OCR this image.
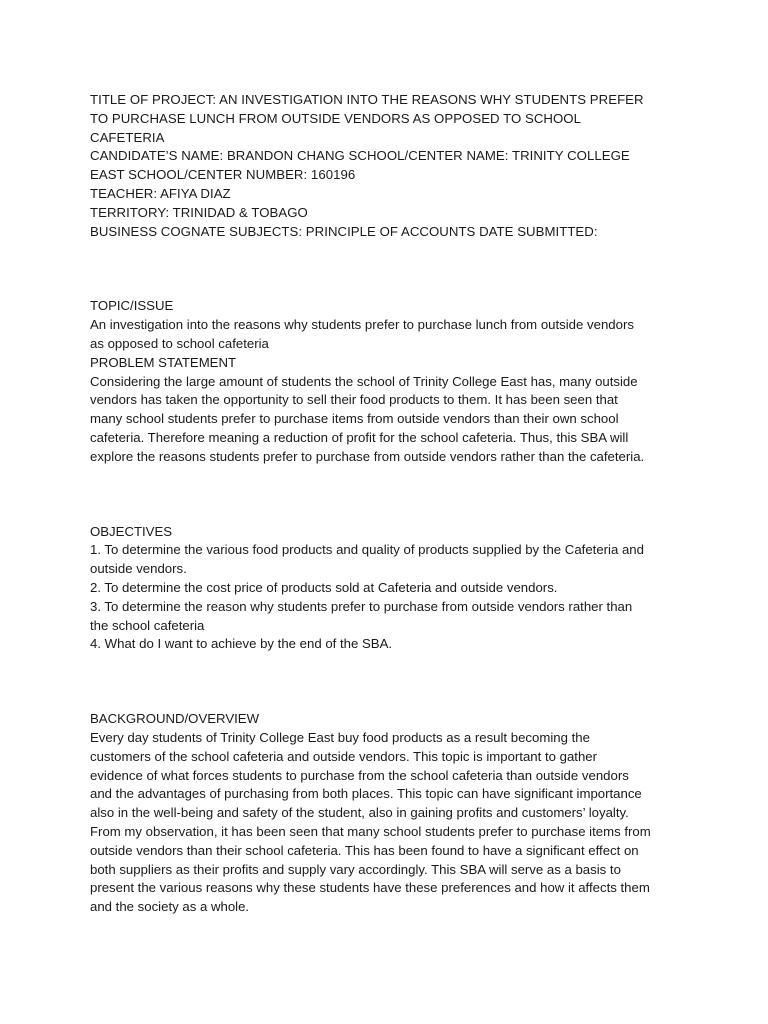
TITLE OF PROJECT: AN INVESTIGATION INTO THE REASONS WHY STUDENTS PREFER
TO PURCHASE LUNCH FROM OUTSIDE VENDORS AS OPPOSED TO SCHOOL
CAFETERIA
CANDIDATE’S NAME: BRANDON CHANG SCHOOL/CENTER NAME: TRINITY COLLEGE
EAST SCHOOL/CENTER NUMBER: 160196
TEACHER: AFIYA DIAZ
TERRITORY: TRINIDAD & TOBAGO
BUSINESS COGNATE SUBJECTS: PRINCIPLE OF ACCOUNTS DATE SUBMITTED:
TOPIC/ISSUE
An investigation into the reasons why students prefer to purchase lunch from outside vendors
as opposed to school cafeteria
PROBLEM STATEMENT
Considering the large amount of students the school of Trinity College East has, many outside
vendors has taken the opportunity to sell their food products to them. It has been seen that
many school students prefer to purchase items from outside vendors than their own school
cafeteria. Therefore meaning a reduction of profit for the school cafeteria. Thus, this SBA will
explore the reasons students prefer to purchase from outside vendors rather than the cafeteria.
OBJECTIVES
1. To determine the various food products and quality of products supplied by the Cafeteria and
outside vendors.
2. To determine the cost price of products sold at Cafeteria and outside vendors.
3. To determine the reason why students prefer to purchase from outside vendors rather than
the school cafeteria
4. What do I want to achieve by the end of the SBA.
BACKGROUND/OVERVIEW
Every day students of Trinity College East buy food products as a result becoming the
customers of the school cafeteria and outside vendors. This topic is important to gather
evidence of what forces students to purchase from the school cafeteria than outside vendors
and the advantages of purchasing from both places. This topic can have significant importance
also in the well-being and safety of the student, also in gaining profits and customers’ loyalty.
From my observation, it has been seen that many school students prefer to purchase items from
outside vendors than their school cafeteria. This has been found to have a significant effect on
both suppliers as their profits and supply vary accordingly. This SBA will serve as a basis to
present the various reasons why these students have these preferences and how it affects them
and the society as a whole.
